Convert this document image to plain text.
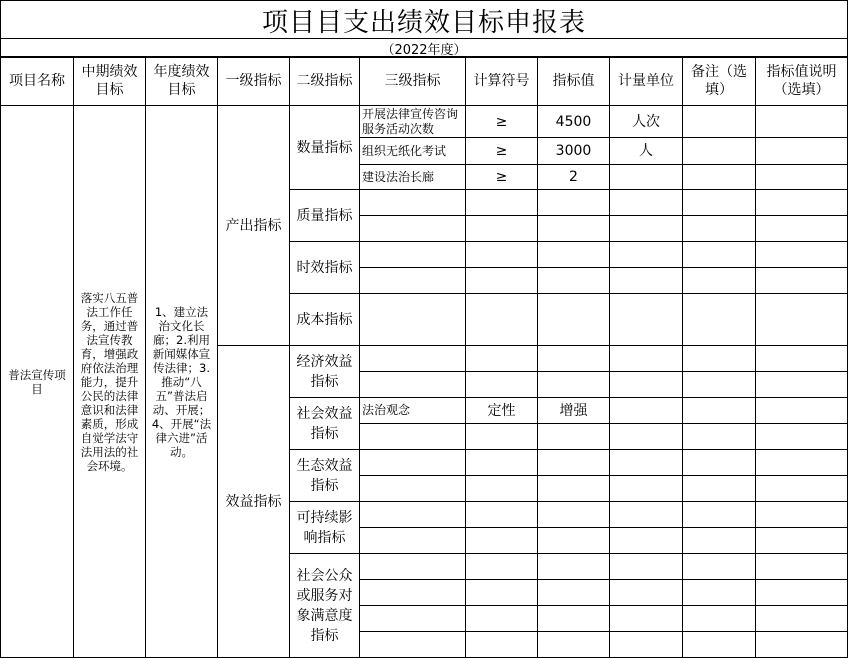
项目目支出绩效目标申报表
（2022年度）
项目名称	中期绩效目标	年度绩效目标	一级指标	二级指标	三级指标	计算符号	指标值	计量单位	备注（选填）	指标值说明（选填）
普法宣传项目	落实八五普法工作任务，通过普法宣传教育，增强政府依法治理能力，提升公民的法律意识和法律素质，形成自觉学法守法用法的社会环境。	1、建立法治文化长廊；2.利用新闻媒体宣传法律；3.推动“八五”普法启动、开展；4、开展“法律六进”活动。	产出指标	数量指标	开展法律宣传咨询服务活动次数	≥	4500	人次		
					组织无纸化考试	≥	3000	人		
					建设法治长廊	≥	2			
				质量指标						

				时效指标						

				成本指标						
			效益指标	经济效益指标						

				社会效益指标	法治观念	定性	增强			

				生态效益指标						

				可持续影响指标						

				社会公众或服务对象满意度指标						
